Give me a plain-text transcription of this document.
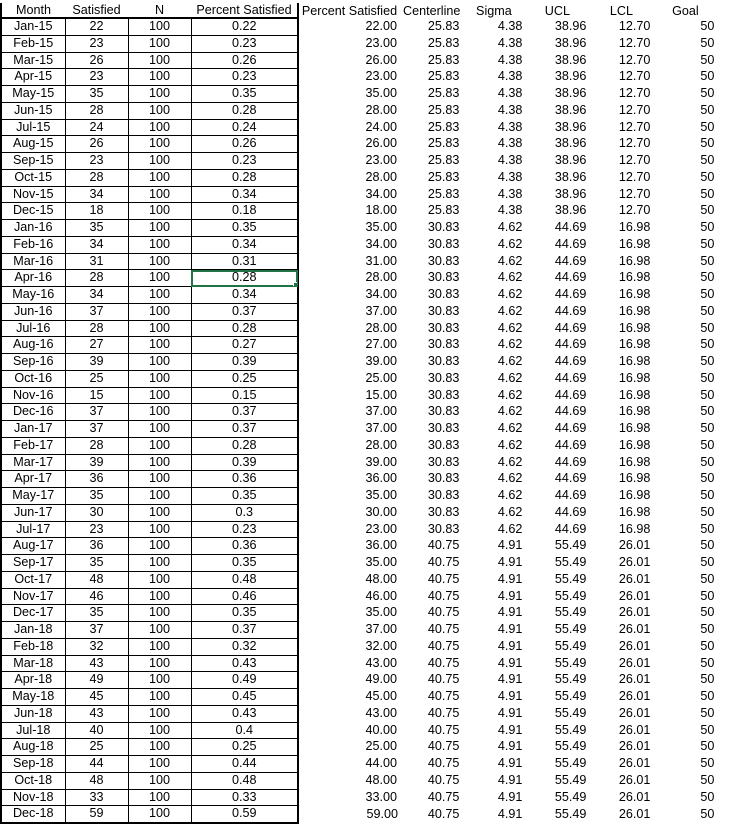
Month	Satisfied	N	Percent Satisfied	Percent Satisfied	Centerline	Sigma	UCL	LCL	Goal
Jan-15	22	100	0.22	22.00	25.83	4.38	38.96	12.70	50
Feb-15	23	100	0.23	23.00	25.83	4.38	38.96	12.70	50
Mar-15	26	100	0.26	26.00	25.83	4.38	38.96	12.70	50
Apr-15	23	100	0.23	23.00	25.83	4.38	38.96	12.70	50
May-15	35	100	0.35	35.00	25.83	4.38	38.96	12.70	50
Jun-15	28	100	0.28	28.00	25.83	4.38	38.96	12.70	50
Jul-15	24	100	0.24	24.00	25.83	4.38	38.96	12.70	50
Aug-15	26	100	0.26	26.00	25.83	4.38	38.96	12.70	50
Sep-15	23	100	0.23	23.00	25.83	4.38	38.96	12.70	50
Oct-15	28	100	0.28	28.00	25.83	4.38	38.96	12.70	50
Nov-15	34	100	0.34	34.00	25.83	4.38	38.96	12.70	50
Dec-15	18	100	0.18	18.00	25.83	4.38	38.96	12.70	50
Jan-16	35	100	0.35	35.00	30.83	4.62	44.69	16.98	50
Feb-16	34	100	0.34	34.00	30.83	4.62	44.69	16.98	50
Mar-16	31	100	0.31	31.00	30.83	4.62	44.69	16.98	50
Apr-16	28	100	0.28	28.00	30.83	4.62	44.69	16.98	50
May-16	34	100	0.34	34.00	30.83	4.62	44.69	16.98	50
Jun-16	37	100	0.37	37.00	30.83	4.62	44.69	16.98	50
Jul-16	28	100	0.28	28.00	30.83	4.62	44.69	16.98	50
Aug-16	27	100	0.27	27.00	30.83	4.62	44.69	16.98	50
Sep-16	39	100	0.39	39.00	30.83	4.62	44.69	16.98	50
Oct-16	25	100	0.25	25.00	30.83	4.62	44.69	16.98	50
Nov-16	15	100	0.15	15.00	30.83	4.62	44.69	16.98	50
Dec-16	37	100	0.37	37.00	30.83	4.62	44.69	16.98	50
Jan-17	37	100	0.37	37.00	30.83	4.62	44.69	16.98	50
Feb-17	28	100	0.28	28.00	30.83	4.62	44.69	16.98	50
Mar-17	39	100	0.39	39.00	30.83	4.62	44.69	16.98	50
Apr-17	36	100	0.36	36.00	30.83	4.62	44.69	16.98	50
May-17	35	100	0.35	35.00	30.83	4.62	44.69	16.98	50
Jun-17	30	100	0.3	30.00	30.83	4.62	44.69	16.98	50
Jul-17	23	100	0.23	23.00	30.83	4.62	44.69	16.98	50
Aug-17	36	100	0.36	36.00	40.75	4.91	55.49	26.01	50
Sep-17	35	100	0.35	35.00	40.75	4.91	55.49	26.01	50
Oct-17	48	100	0.48	48.00	40.75	4.91	55.49	26.01	50
Nov-17	46	100	0.46	46.00	40.75	4.91	55.49	26.01	50
Dec-17	35	100	0.35	35.00	40.75	4.91	55.49	26.01	50
Jan-18	37	100	0.37	37.00	40.75	4.91	55.49	26.01	50
Feb-18	32	100	0.32	32.00	40.75	4.91	55.49	26.01	50
Mar-18	43	100	0.43	43.00	40.75	4.91	55.49	26.01	50
Apr-18	49	100	0.49	49.00	40.75	4.91	55.49	26.01	50
May-18	45	100	0.45	45.00	40.75	4.91	55.49	26.01	50
Jun-18	43	100	0.43	43.00	40.75	4.91	55.49	26.01	50
Jul-18	40	100	0.4	40.00	40.75	4.91	55.49	26.01	50
Aug-18	25	100	0.25	25.00	40.75	4.91	55.49	26.01	50
Sep-18	44	100	0.44	44.00	40.75	4.91	55.49	26.01	50
Oct-18	48	100	0.48	48.00	40.75	4.91	55.49	26.01	50
Nov-18	33	100	0.33	33.00	40.75	4.91	55.49	26.01	50
Dec-18	59	100	0.59	59.00	40.75	4.91	55.49	26.01	50
